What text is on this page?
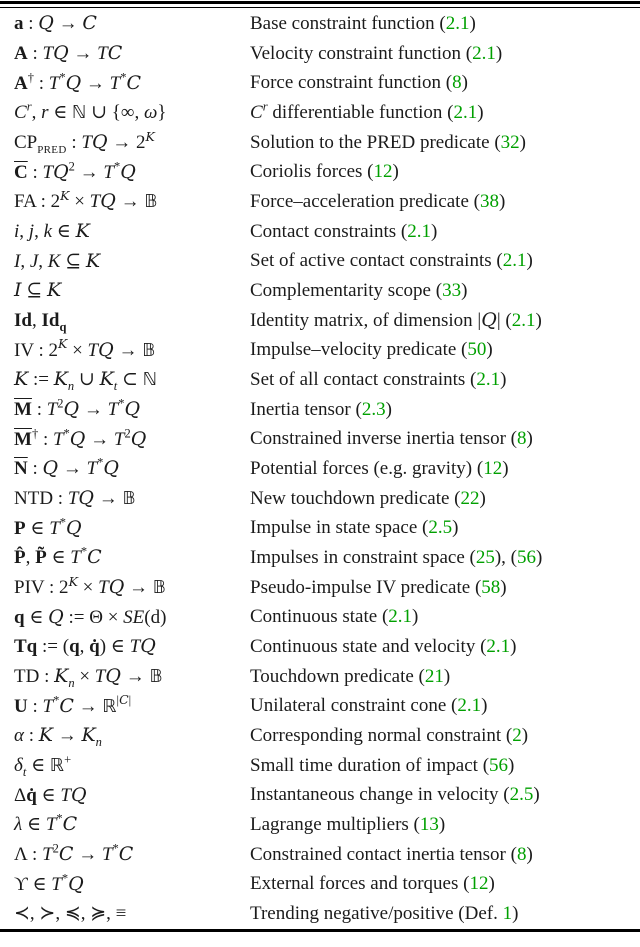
a : Q → C	Base constraint function (2.1)
A : TQ → TC	Velocity constraint function (2.1)
A† : T*Q → T*C	Force constraint function (8)
$C^r$, r ∈ ℕ ∪ {∞, ω}	$C^r$ differentiable function (2.1)
$CP_{PRED}$ : TQ → $2^K$	Solution to the PRED predicate (32)
$\overline{C}$ : $TQ^2 \to T^*Q$	Coriolis forces (12)
FA : $2^K$ × TQ → 𝔹	Force–acceleration predicate (38)
i, j, k ∈ K	Contact constraints (2.1)
I, J, K ⊆ K	Set of active contact constraints (2.1)
I ⊆ K	Complementarity scope (33)
Id, $Id_q$	Identity matrix, of dimension |Q| (2.1)
IV : $2^K$ × TQ → 𝔹	Impulse–velocity predicate (50)
K := $K_n$ ∪ $K_t$ ⊂ ℕ	Set of all contact constraints (2.1)
$\overline{M}$ : $T^2Q \to T^*Q$	Inertia tensor (2.3)
$\overline{M}^\dagger$ : $T^*Q \to T^2Q$	Constrained inverse inertia tensor (8)
$\overline{N}$ : Q → T*Q	Potential forces (e.g. gravity) (12)
NTD : TQ → 𝔹	New touchdown predicate (22)
P ∈ T*Q	Impulse in state space (2.5)
P̂, P̃ ∈ T*C	Impulses in constraint space (25), (56)
PIV : $2^K$ × TQ → 𝔹	Pseudo-impulse IV predicate (58)
q ∈ Q := Θ × SE(d)	Continuous state (2.1)
Tq := (q, q̇) ∈ TQ	Continuous state and velocity (2.1)
TD : $K_n$ × TQ → 𝔹	Touchdown predicate (21)
U : T*C → ℝ$^{|C|}$	Unilateral constraint cone (2.1)
α : $K \to K_n$	Corresponding normal constraint (2)
$\delta_t$ ∈ ℝ+	Small time duration of impact (56)
Δq̇ ∈ TQ	Instantaneous change in velocity (2.5)
λ ∈ T*C	Lagrange multipliers (13)
Λ : $T^2C \to T^*C$	Constrained contact inertia tensor (8)
ϒ ∈ T*Q	External forces and torques (12)
≺, ≻, ≼, ≽, ≡	Trending negative/positive (Def. 1)
